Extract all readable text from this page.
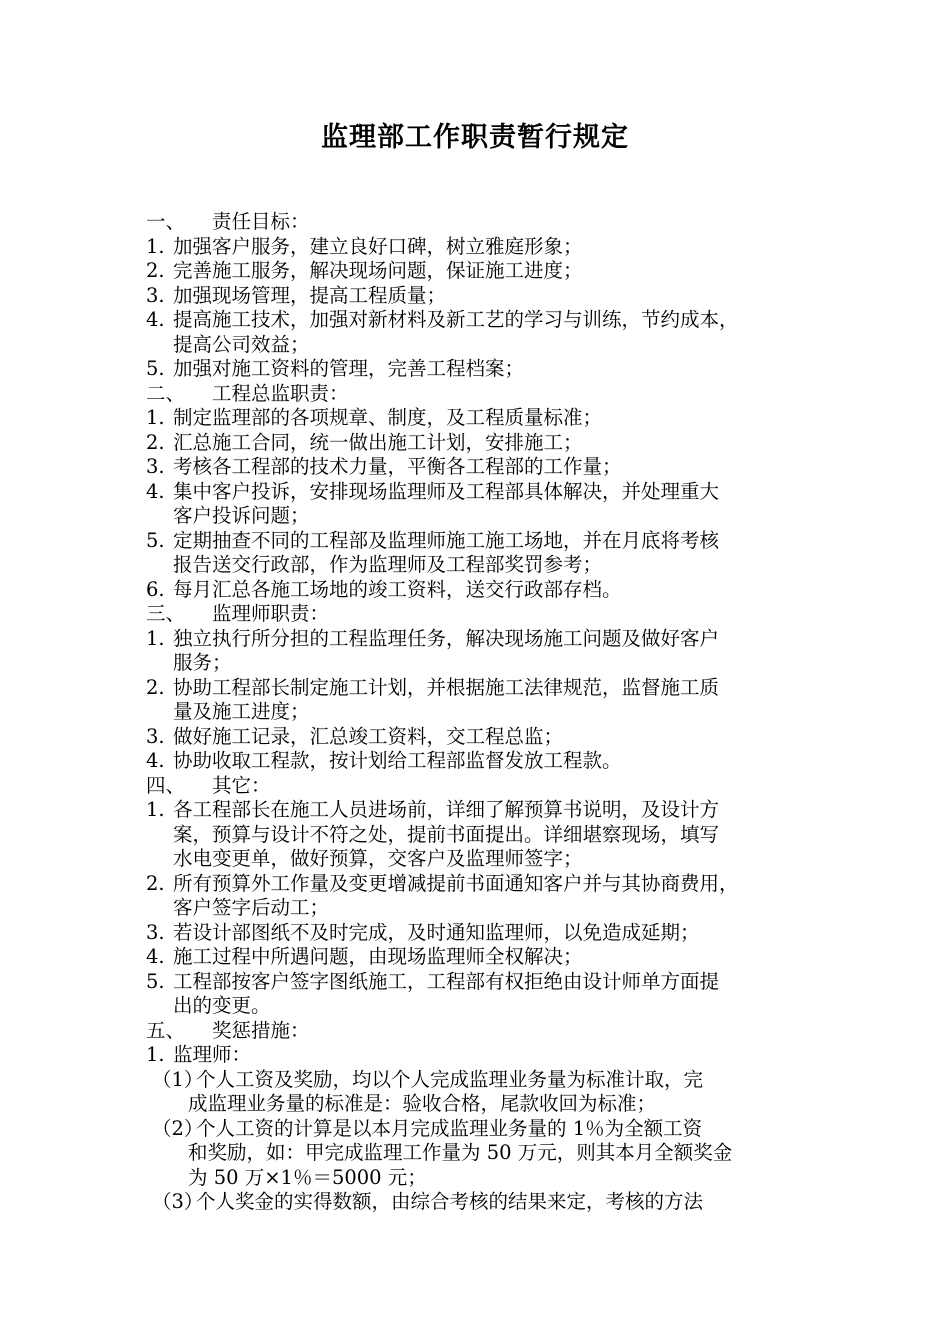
监理部工作职责暂行规定
一、 责任目标：
1. 加强客户服务，建立良好口碑，树立雅庭形象；
2. 完善施工服务，解决现场问题，保证施工进度；
3. 加强现场管理，提高工程质量；
4. 提高施工技术，加强对新材料及新工艺的学习与训练，节约成本，
提高公司效益；
5. 加强对施工资料的管理，完善工程档案；
二、 工程总监职责：
1. 制定监理部的各项规章、制度，及工程质量标准；
2. 汇总施工合同，统一做出施工计划，安排施工；
3. 考核各工程部的技术力量，平衡各工程部的工作量；
4. 集中客户投诉，安排现场监理师及工程部具体解决，并处理重大
客户投诉问题；
5. 定期抽查不同的工程部及监理师施工施工场地，并在月底将考核
报告送交行政部，作为监理师及工程部奖罚参考；
6. 每月汇总各施工场地的竣工资料，送交行政部存档。
三、 监理师职责：
1. 独立执行所分担的工程监理任务，解决现场施工问题及做好客户
服务；
2. 协助工程部长制定施工计划，并根据施工法律规范，监督施工质
量及施工进度；
3. 做好施工记录，汇总竣工资料，交工程总监；
4. 协助收取工程款，按计划给工程部监督发放工程款。
四、 其它：
1. 各工程部长在施工人员进场前，详细了解预算书说明，及设计方
案，预算与设计不符之处，提前书面提出。详细堪察现场，填写
水电变更单，做好预算，交客户及监理师签字；
2. 所有预算外工作量及变更增减提前书面通知客户并与其协商费用，
客户签字后动工；
3. 若设计部图纸不及时完成，及时通知监理师，以免造成延期；
4. 施工过程中所遇问题，由现场监理师全权解决；
5. 工程部按客户签字图纸施工，工程部有权拒绝由设计师单方面提
出的变更。
五、 奖惩措施：
1. 监理师：
（1）个人工资及奖励，均以个人完成监理业务量为标准计取，完
成监理业务量的标准是：验收合格，尾款收回为标准；
（2）个人工资的计算是以本月完成监理业务量的 1％为全额工资
和奖励，如：甲完成监理工作量为 50 万元，则其本月全额奖金
为 50 万×1％＝5000 元；
（3）个人奖金的实得数额，由综合考核的结果来定，考核的方法
